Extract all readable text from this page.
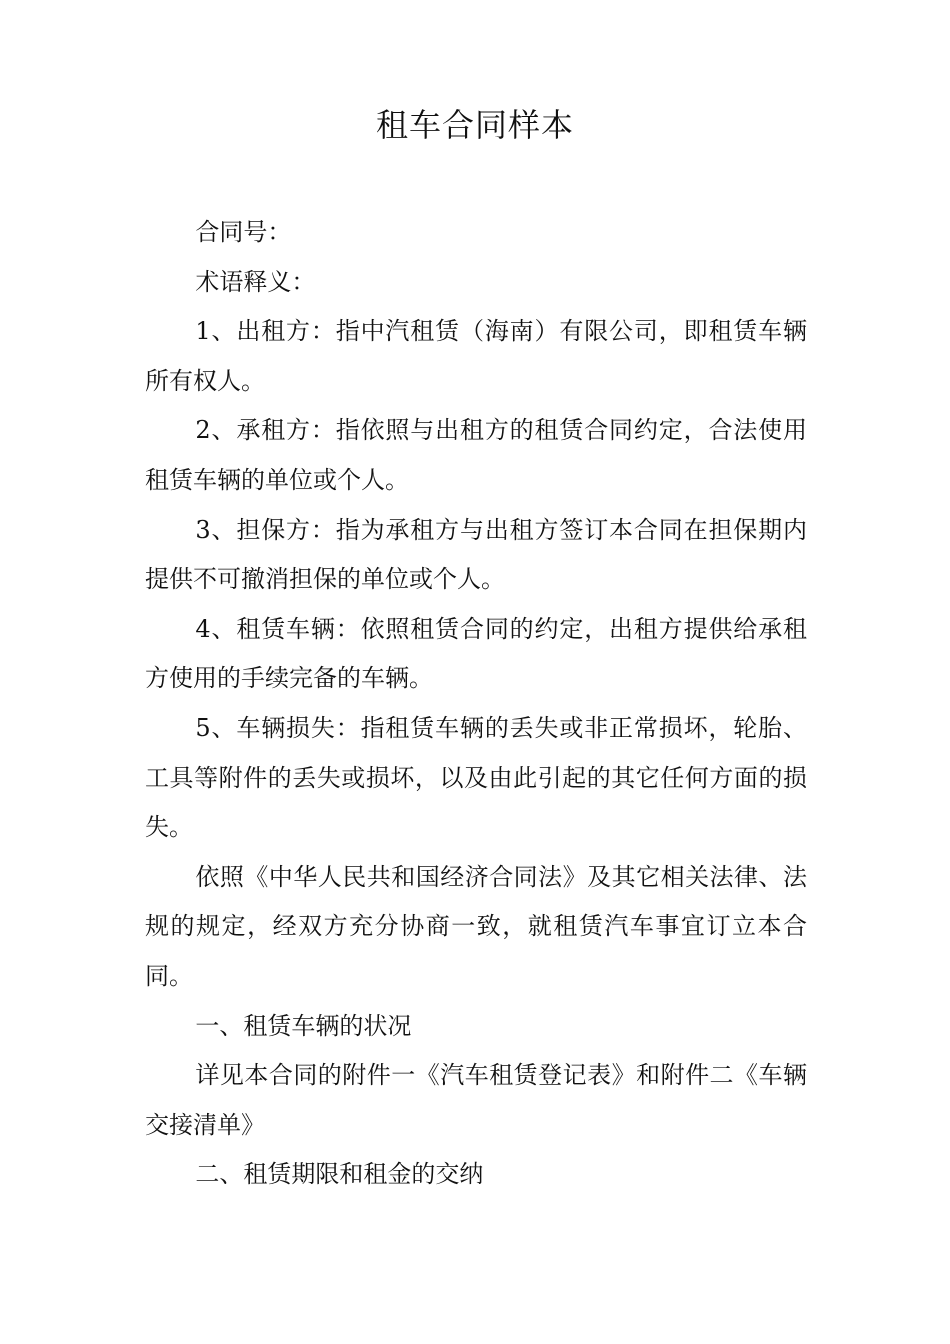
租车合同样本

合同号：

术语释义：

1、出租方：指中汽租赁（海南）有限公司，即租赁车辆所有权人。

2、承租方：指依照与出租方的租赁合同约定，合法使用租赁车辆的单位或个人。

3、担保方：指为承租方与出租方签订本合同在担保期内提供不可撤消担保的单位或个人。

4、租赁车辆：依照租赁合同的约定，出租方提供给承租方使用的手续完备的车辆。

5、车辆损失：指租赁车辆的丢失或非正常损坏，轮胎、工具等附件的丢失或损坏，以及由此引起的其它任何方面的损失。

依照《中华人民共和国经济合同法》及其它相关法律、法规的规定，经双方充分协商一致，就租赁汽车事宜订立本合同。

一、租赁车辆的状况

详见本合同的附件一《汽车租赁登记表》和附件二《车辆交接清单》

二、租赁期限和租金的交纳
